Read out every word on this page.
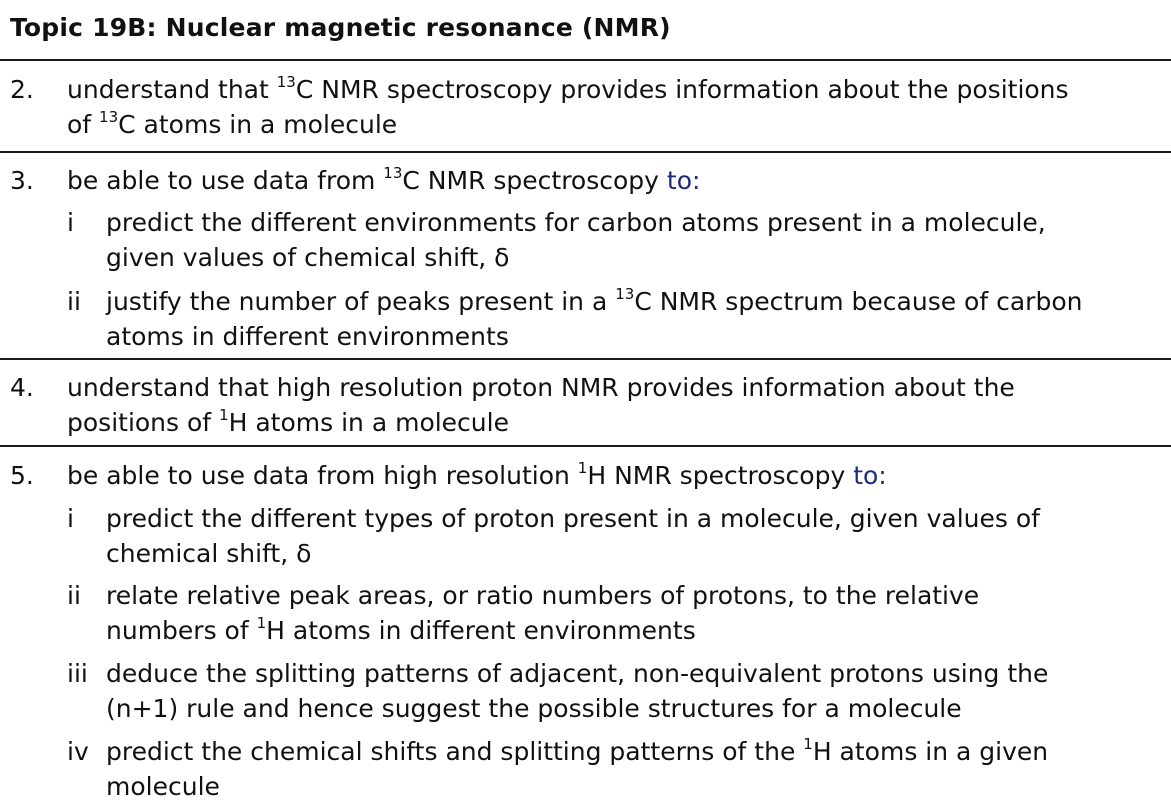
Topic 19B: Nuclear magnetic resonance (NMR)
2. understand that $^{13}$C NMR spectroscopy provides information about the positions
of $^{13}$C atoms in a molecule
3. be able to use data from $^{13}$C NMR spectroscopy to:
i predict the different environments for carbon atoms present in a molecule,
given values of chemical shift, δ
ii justify the number of peaks present in a $^{13}$C NMR spectrum because of carbon
atoms in different environments
4. understand that high resolution proton NMR provides information about the
positions of $^1$H atoms in a molecule
5. be able to use data from high resolution $^1$H NMR spectroscopy to:
i predict the different types of proton present in a molecule, given values of
chemical shift, δ
ii relate relative peak areas, or ratio numbers of protons, to the relative
numbers of $^1$H atoms in different environments
iii deduce the splitting patterns of adjacent, non-equivalent protons using the
(n+1) rule and hence suggest the possible structures for a molecule
iv predict the chemical shifts and splitting patterns of the $^1$H atoms in a given
molecule
